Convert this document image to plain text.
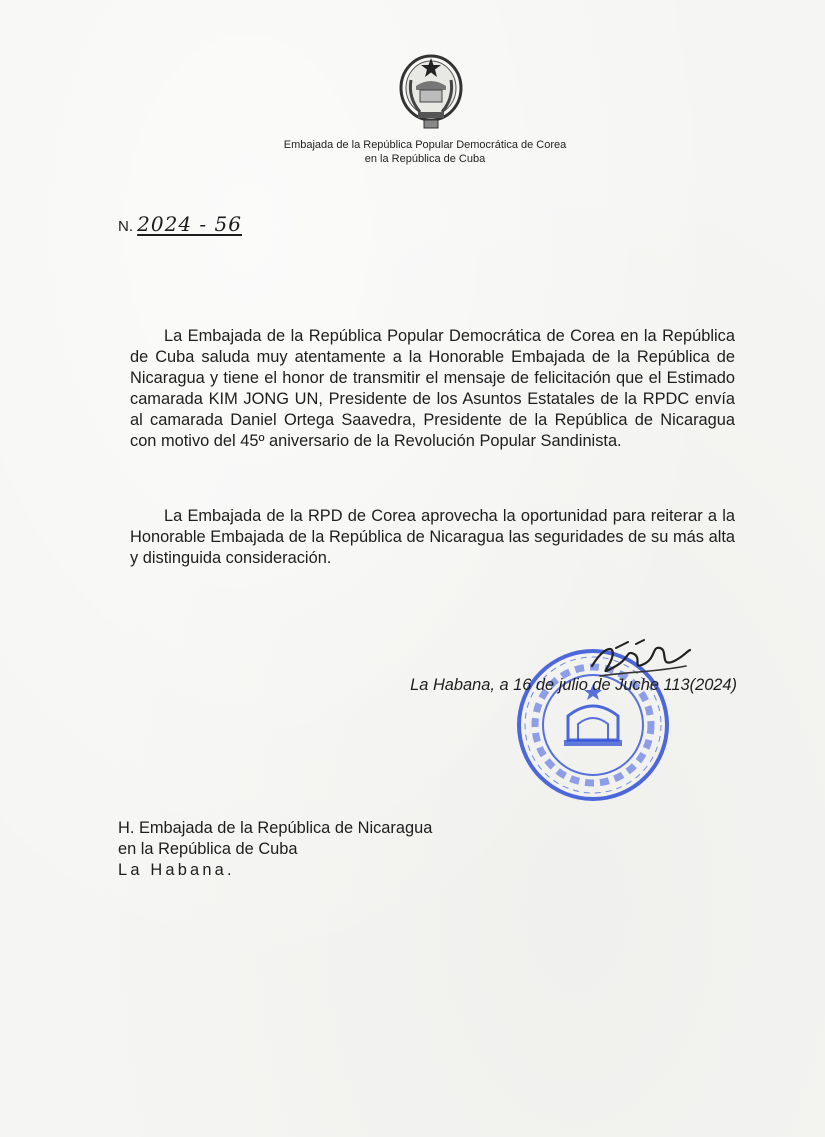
Embajada de la República Popular Democrática de Corea
en la República de Cuba
N. 2024 - 56
La Embajada de la República Popular Democrática de Corea en la República de Cuba saluda muy atentamente a la Honorable Embajada de la República de Nicaragua y tiene el honor de transmitir el mensaje de felicitación que el Estimado camarada KIM JONG UN, Presidente de los Asuntos Estatales de la RPDC envía al camarada Daniel Ortega Saavedra, Presidente de la República de Nicaragua con motivo del 45º aniversario de la Revolución Popular Sandinista.
La Embajada de la RPD de Corea aprovecha la oportunidad para reiterar a la Honorable Embajada de la República de Nicaragua las seguridades de su más alta y distinguida consideración.
La Habana, a 16 de julio de Juche 113(2024)
H. Embajada de la República de Nicaragua
en la República de Cuba
La Habana.
